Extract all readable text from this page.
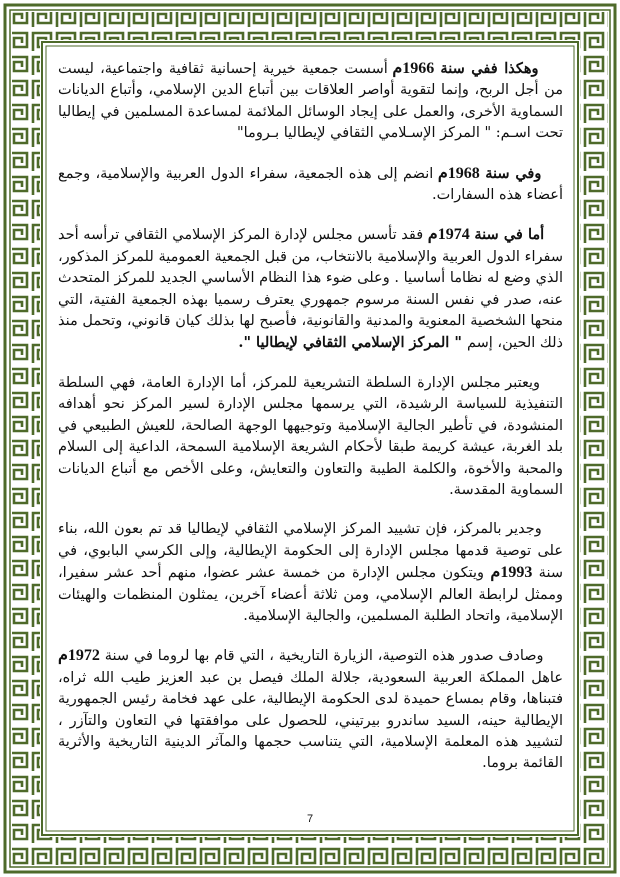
وهكذا ففي سنة 1966م أسست جمعية خيرية إحسانية ثقافية واجتماعية، ليست من أجل الربح، وإنما لتقوية أواصر العلاقات بين أتباع الدين الإسلامي، وأتباع الديانات السماوية الأخرى، والعمل على إيجاد الوسائل الملائمة لمساعدة المسلمين في إيطاليا تحت اسـم: " المركز الإسـلامي الثقافي لإيطاليا بـروما"

وفي سنة 1968م انضم إلى هذه الجمعية، سفراء الدول العربية والإسلامية، وجمع أعضاء هذه السفارات.

أما في سنة 1974م فقد تأسس مجلس لإدارة المركز الإسلامي الثقافي ترأسه أحد سفراء الدول العربية والإسلامية بالانتخاب، من قبل الجمعية العمومية للمركز المذكور، الذي وضع له نظاما أساسيا . وعلى ضوء هذا النظام الأساسي الجديد للمركز المتحدث عنه، صدر في نفس السنة مرسوم جمهوري يعترف رسميا بهذه الجمعية الفتية، التي منحها الشخصية المعنوية والمدنية والقانونية، فأصبح لها بذلك كيان قانوني، وتحمل منذ ذلك الحين، إسم " المركز الإسلامي الثقافي لإيطاليا ".

ويعتبر مجلس الإدارة السلطة التشريعية للمركز، أما الإدارة العامة، فهي السلطة التنفيذية للسياسة الرشيدة، التي يرسمها مجلس الإدارة لسير المركز نحو أهدافه المنشودة، في تأطير الجالية الإسلامية وتوجيهها الوجهة الصالحة، للعيش الطبيعي في بلد الغربة، عيشة كريمة طبقا لأحكام الشريعة الإسلامية السمحة، الداعية إلى السلام والمحبة والأخوة، والكلمة الطيبة والتعاون والتعايش، وعلى الأخص مع أتباع الديانات السماوية المقدسة.

وجدير بالمركز، فإن تشييد المركز الإسلامي الثقافي لإيطاليا قد تم بعون الله، بناء على توصية قدمها مجلس الإدارة إلى الحكومة الإيطالية، وإلى الكرسي البابوي، في سنة 1993م ويتكون مجلس الإدارة من خمسة عشر عضوا، منهم أحد عشر سفيرا، وممثل لرابطة العالم الإسلامي، ومن ثلاثة أعضاء آخرين، يمثلون المنظمات والهيئات الإسلامية، واتحاد الطلبة المسلمين، والجالية الإسلامية.

وصادف صدور هذه التوصية، الزيارة التاريخية ، التي قام بها لروما في سنة 1972م عاهل المملكة العربية السعودية، جلالة الملك فيصل بن عبد العزيز طيب الله ثراه، فتبناها، وقام بمساع حميدة لدى الحكومة الإيطالية، على عهد فخامة رئيس الجمهورية الإيطالية حينه، السيد ساندرو بيرتيني، للحصول على موافقتها في التعاون والتآزر ، لتشييد هذه المعلمة الإسلامية، التي يتناسب حجمها والمآثر الدينية التاريخية والأثرية القائمة بروما.

7
